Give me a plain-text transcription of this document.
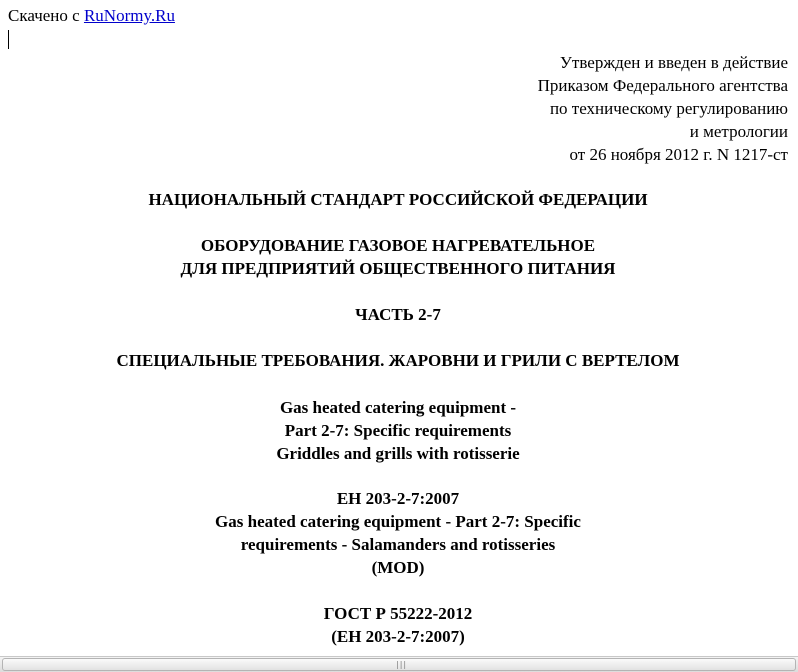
Скачено с RuNormy.Ru
Утвержден и введен в действие
Приказом Федерального агентства
по техническому регулированию
и метрологии
от 26 ноября 2012 г. N 1217-ст
НАЦИОНАЛЬНЫЙ СТАНДАРТ РОССИЙСКОЙ ФЕДЕРАЦИИ
ОБОРУДОВАНИЕ ГАЗОВОЕ НАГРЕВАТЕЛЬНОЕ
ДЛЯ ПРЕДПРИЯТИЙ ОБЩЕСТВЕННОГО ПИТАНИЯ
ЧАСТЬ 2-7
СПЕЦИАЛЬНЫЕ ТРЕБОВАНИЯ. ЖАРОВНИ И ГРИЛИ С ВЕРТЕЛОМ
Gas heated catering equipment -
Part 2-7: Specific requirements
Griddles and grills with rotisserie
ЕН 203-2-7:2007
Gas heated catering equipment - Part 2-7: Specific
requirements - Salamanders and rotisseries
(MOD)
ГОСТ Р 55222-2012
(ЕН 203-2-7:2007)
|||
